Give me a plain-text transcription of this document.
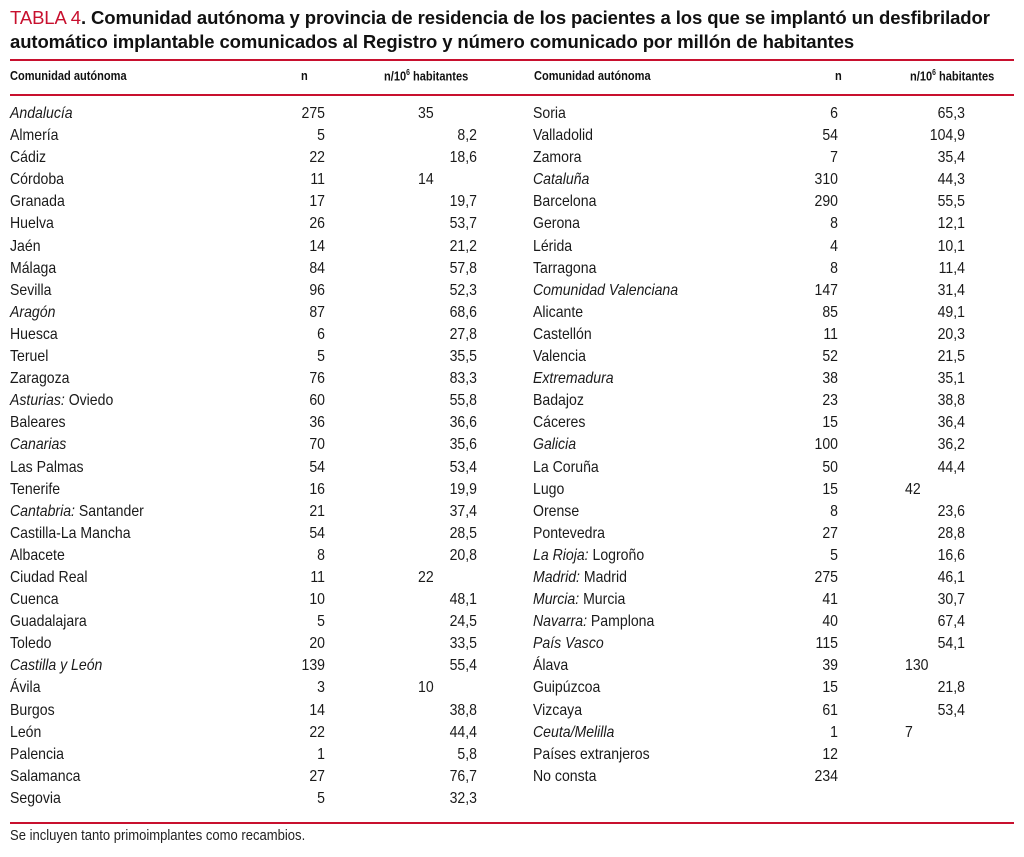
TABLA 4. Comunidad autónoma y provincia de residencia de los pacientes a los que se implantó un desfibrilador automático implantable comunicados al Registro y número comunicado por millón de habitantes
Comunidad autónoma	n	$n/10^6$ habitantes	Comunidad autónoma	n	$n/10^6$ habitantes
Andalucía	275	35
Almería	5	8,2
Cádiz	22	18,6
Córdoba	11	14
Granada	17	19,7
Huelva	26	53,7
Jaén	14	21,2
Málaga	84	57,8
Sevilla	96	52,3
Aragón	87	68,6
Huesca	6	27,8
Teruel	5	35,5
Zaragoza	76	83,3
Asturias: Oviedo	60	55,8
Baleares	36	36,6
Canarias	70	35,6
Las Palmas	54	53,4
Tenerife	16	19,9
Cantabria: Santander	21	37,4
Castilla-La Mancha	54	28,5
Albacete	8	20,8
Ciudad Real	11	22
Cuenca	10	48,1
Guadalajara	5	24,5
Toledo	20	33,5
Castilla y León	139	55,4
Ávila	3	10
Burgos	14	38,8
León	22	44,4
Palencia	1	5,8
Salamanca	27	76,7
Segovia	5	32,3
Soria	6	65,3
Valladolid	54	104,9
Zamora	7	35,4
Cataluña	310	44,3
Barcelona	290	55,5
Gerona	8	12,1
Lérida	4	10,1
Tarragona	8	11,4
Comunidad Valenciana	147	31,4
Alicante	85	49,1
Castellón	11	20,3
Valencia	52	21,5
Extremadura	38	35,1
Badajoz	23	38,8
Cáceres	15	36,4
Galicia	100	36,2
La Coruña	50	44,4
Lugo	15	42
Orense	8	23,6
Pontevedra	27	28,8
La Rioja: Logroño	5	16,6
Madrid: Madrid	275	46,1
Murcia: Murcia	41	30,7
Navarra: Pamplona	40	67,4
País Vasco	115	54,1
Álava	39	130
Guipúzcoa	15	21,8
Vizcaya	61	53,4
Ceuta/Melilla	1	7
Países extranjeros	12
No consta	234
Se incluyen tanto primoimplantes como recambios.
